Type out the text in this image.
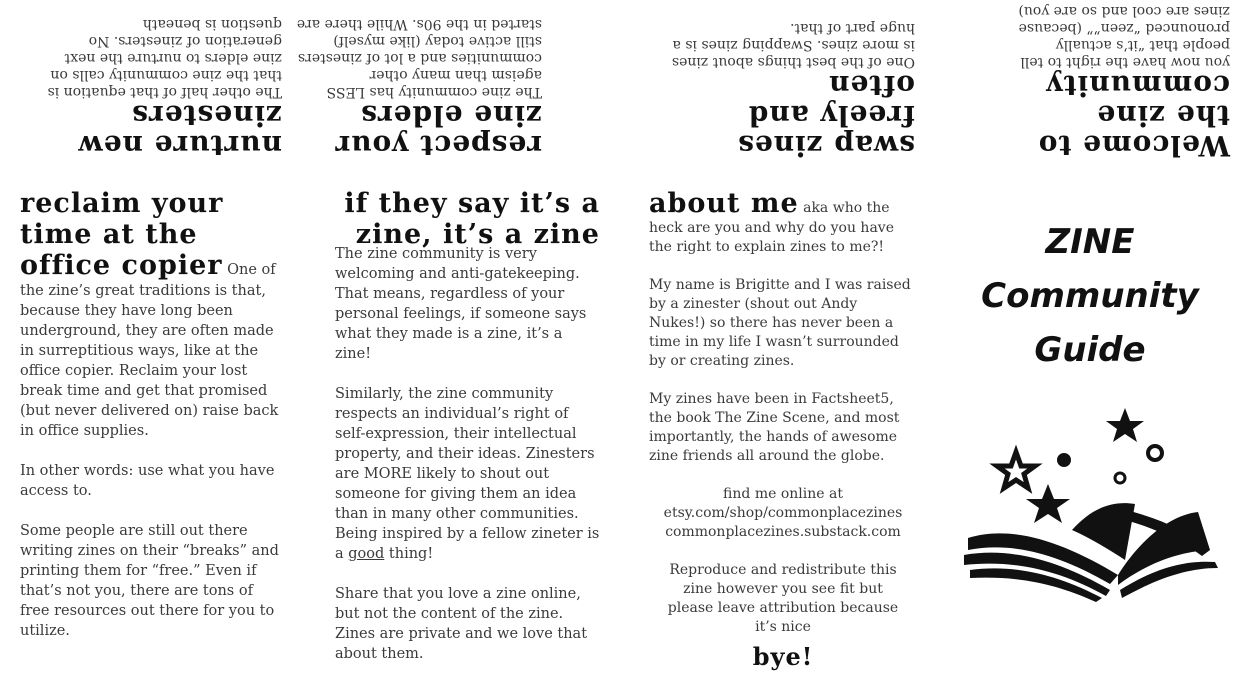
Welcome to the zine community
you now have the right to tell people that “it’s actually pronounced “zeen”” (because zines are cool and so are you)
swap zines freely and often
One of the best things about zines is more zines. Swapping zines is a huge part of that.
respect your zine elders
The zine community has LESS ageism than many other communities and a lot of zinesters still active today (like myself) started in the 90s. While there are
nurture new zinesters
The other half of that equation is that the zine community calls on zine elders to nurture the next generation of zinesters. No question is beneath

reclaim your time at the office copier One of the zine’s great traditions is that, because they have long been underground, they are often made in surreptitious ways, like at the office copier. Reclaim your lost break time and get that promised (but never delivered on) raise back in office supplies.

In other words: use what you have access to.

Some people are still out there writing zines on their “breaks” and printing them for “free.” Even if that’s not you, there are tons of free resources out there for you to utilize.

if they say it’s a zine, it’s a zine

The zine community is very welcoming and anti-gatekeeping. That means, regardless of your personal feelings, if someone says what they made is a zine, it’s a zine!

Similarly, the zine community respects an individual’s right of self-expression, their intellectual property, and their ideas. Zinesters are MORE likely to shout out someone for giving them an idea than in many other communities. Being inspired by a fellow zineter is a good thing!

Share that you love a zine online, but not the content of the zine. Zines are private and we love that about them.

about me aka who the heck are you and why do you have the right to explain zines to me?!

My name is Brigitte and I was raised by a zinester (shout out Andy Nukes!) so there has never been a time in my life I wasn’t surrounded by or creating zines.

My zines have been in Factsheet5, the book The Zine Scene, and most importantly, the hands of awesome zine friends all around the globe.

find me online at
etsy.com/shop/commonplacezines
commonplacezines.substack.com
Reproduce and redistribute this zine however you see fit but please leave attribution because it’s nice
bye!
ZINE
Community
Guide
